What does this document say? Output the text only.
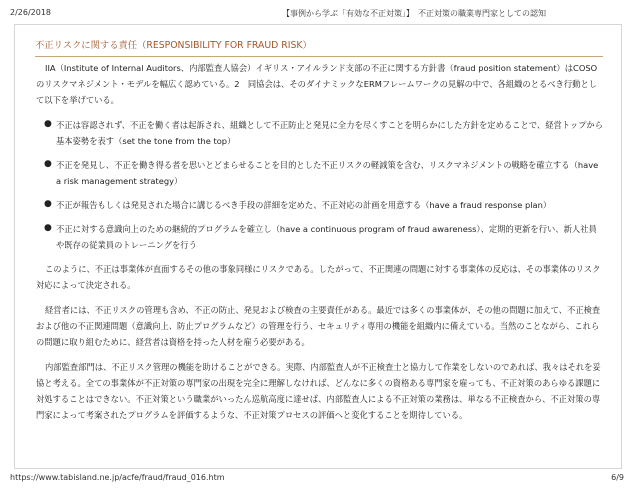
2/26/2018	【事例から学ぶ「有効な不正対策」】　不正対策の職業専門家としての認知
不正リスクに関する責任（RESPONSIBILITY FOR FRAUD RISK）

IIA（Institute of Internal Auditors、内部監査人協会）イギリス・アイルランド支部の不正に関する方針書（fraud position statement）はCOSOのリスクマネジメント・モデルを幅広く認めている。2　同協会は、そのダイナミックなERMフレームワークの見解の中で、各組織のとるべき行動として以下を挙げている。

● 不正は容認されず、不正を働く者は起訴され、組織として不正防止と発見に全力を尽くすことを明らかにした方針を定めることで、経営トップから基本姿勢を表す（set the tone from the top）
● 不正を発見し、不正を働き得る者を思いとどまらせることを目的とした不正リスクの軽減策を含む、リスクマネジメントの戦略を確立する（have a risk management strategy）
● 不正が報告もしくは発見された場合に講じるべき手段の詳細を定めた、不正対応の計画を用意する（have a fraud response plan）
● 不正に対する意識向上のための継続的プログラムを確立し（have a continuous program of fraud awareness）、定期的更新を行い、新人社員や既存の従業員のトレーニングを行う

このように、不正は事業体が直面するその他の事象同様にリスクである。したがって、不正関連の問題に対する事業体の反応は、その事業体のリスク対応によって決定される。

経営者には、不正リスクの管理も含め、不正の防止、発見および検査の主要責任がある。最近では多くの事業体が、その他の問題に加えて、不正検査および他の不正関連問題（意識向上、防止プログラムなど）の管理を行う、セキュリティ専用の機能を組織内に備えている。当然のことながら、これらの問題に取り組むために、経営者は資格を持った人材を雇う必要がある。

内部監査部門は、不正リスク管理の機能を助けることができる。実際、内部監査人が不正検査士と協力して作業をしないのであれば、我々はそれを妥協と考える。全ての事業体が不正対策の専門家の出現を完全に理解しなければ、どんなに多くの資格ある専門家を雇っても、不正対策のあらゆる課題に対処することはできない。不正対策という職業がいったん巡航高度に達せば、内部監査人による不正対策の業務は、単なる不正検査から、不正対策の専門家によって考案されたプログラムを評価するような、不正対策プロセスの評価へと変化することを期待している。

https://www.tabisland.ne.jp/acfe/fraud/fraud_016.htm	6/9
